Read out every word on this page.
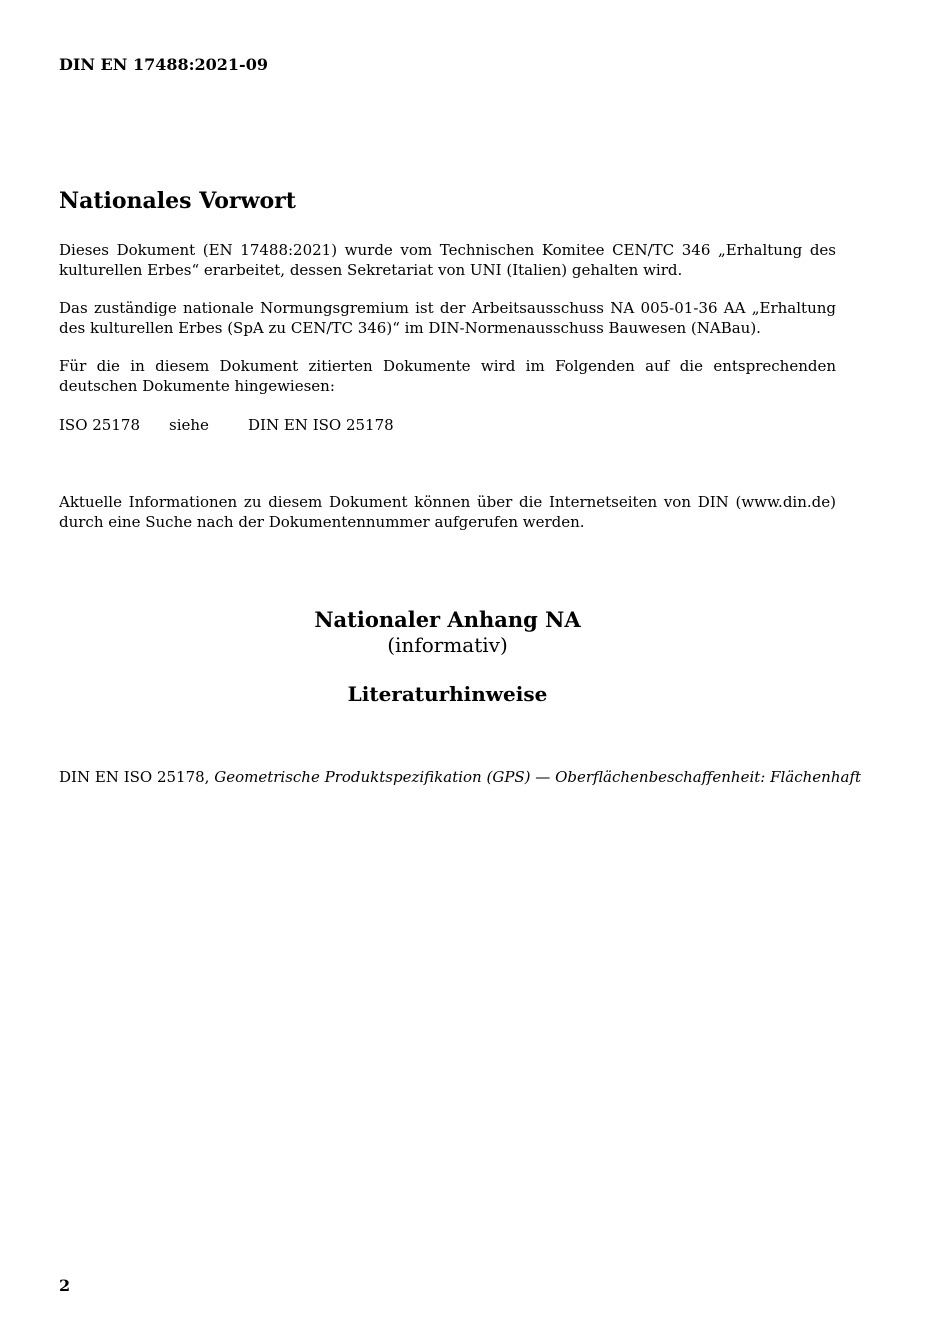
DIN EN 17488:2021-09
Nationales Vorwort
Dieses Dokument (EN 17488:2021) wurde vom Technischen Komitee CEN/TC 346 „Erhaltung des kulturellen Erbes“ erarbeitet, dessen Sekretariat von UNI (Italien) gehalten wird.
Das zuständige nationale Normungsgremium ist der Arbeitsausschuss NA 005-01-36 AA „Erhaltung des kulturellen Erbes (SpA zu CEN/TC 346)“ im DIN-Normenausschuss Bauwesen (NABau).
Für die in diesem Dokument zitierten Dokumente wird im Folgenden auf die entsprechenden deutschen Dokumente hingewiesen:
ISO 25178 siehe	DIN EN ISO 25178
Aktuelle Informationen zu diesem Dokument können über die Internetseiten von DIN (www.din.de) durch eine Suche nach der Dokumentennummer aufgerufen werden.
Nationaler Anhang NA
(informativ)
Literaturhinweise
DIN EN ISO 25178, Geometrische Produktspezifikation (GPS) — Oberflächenbeschaffenheit: Flächenhaft
2
